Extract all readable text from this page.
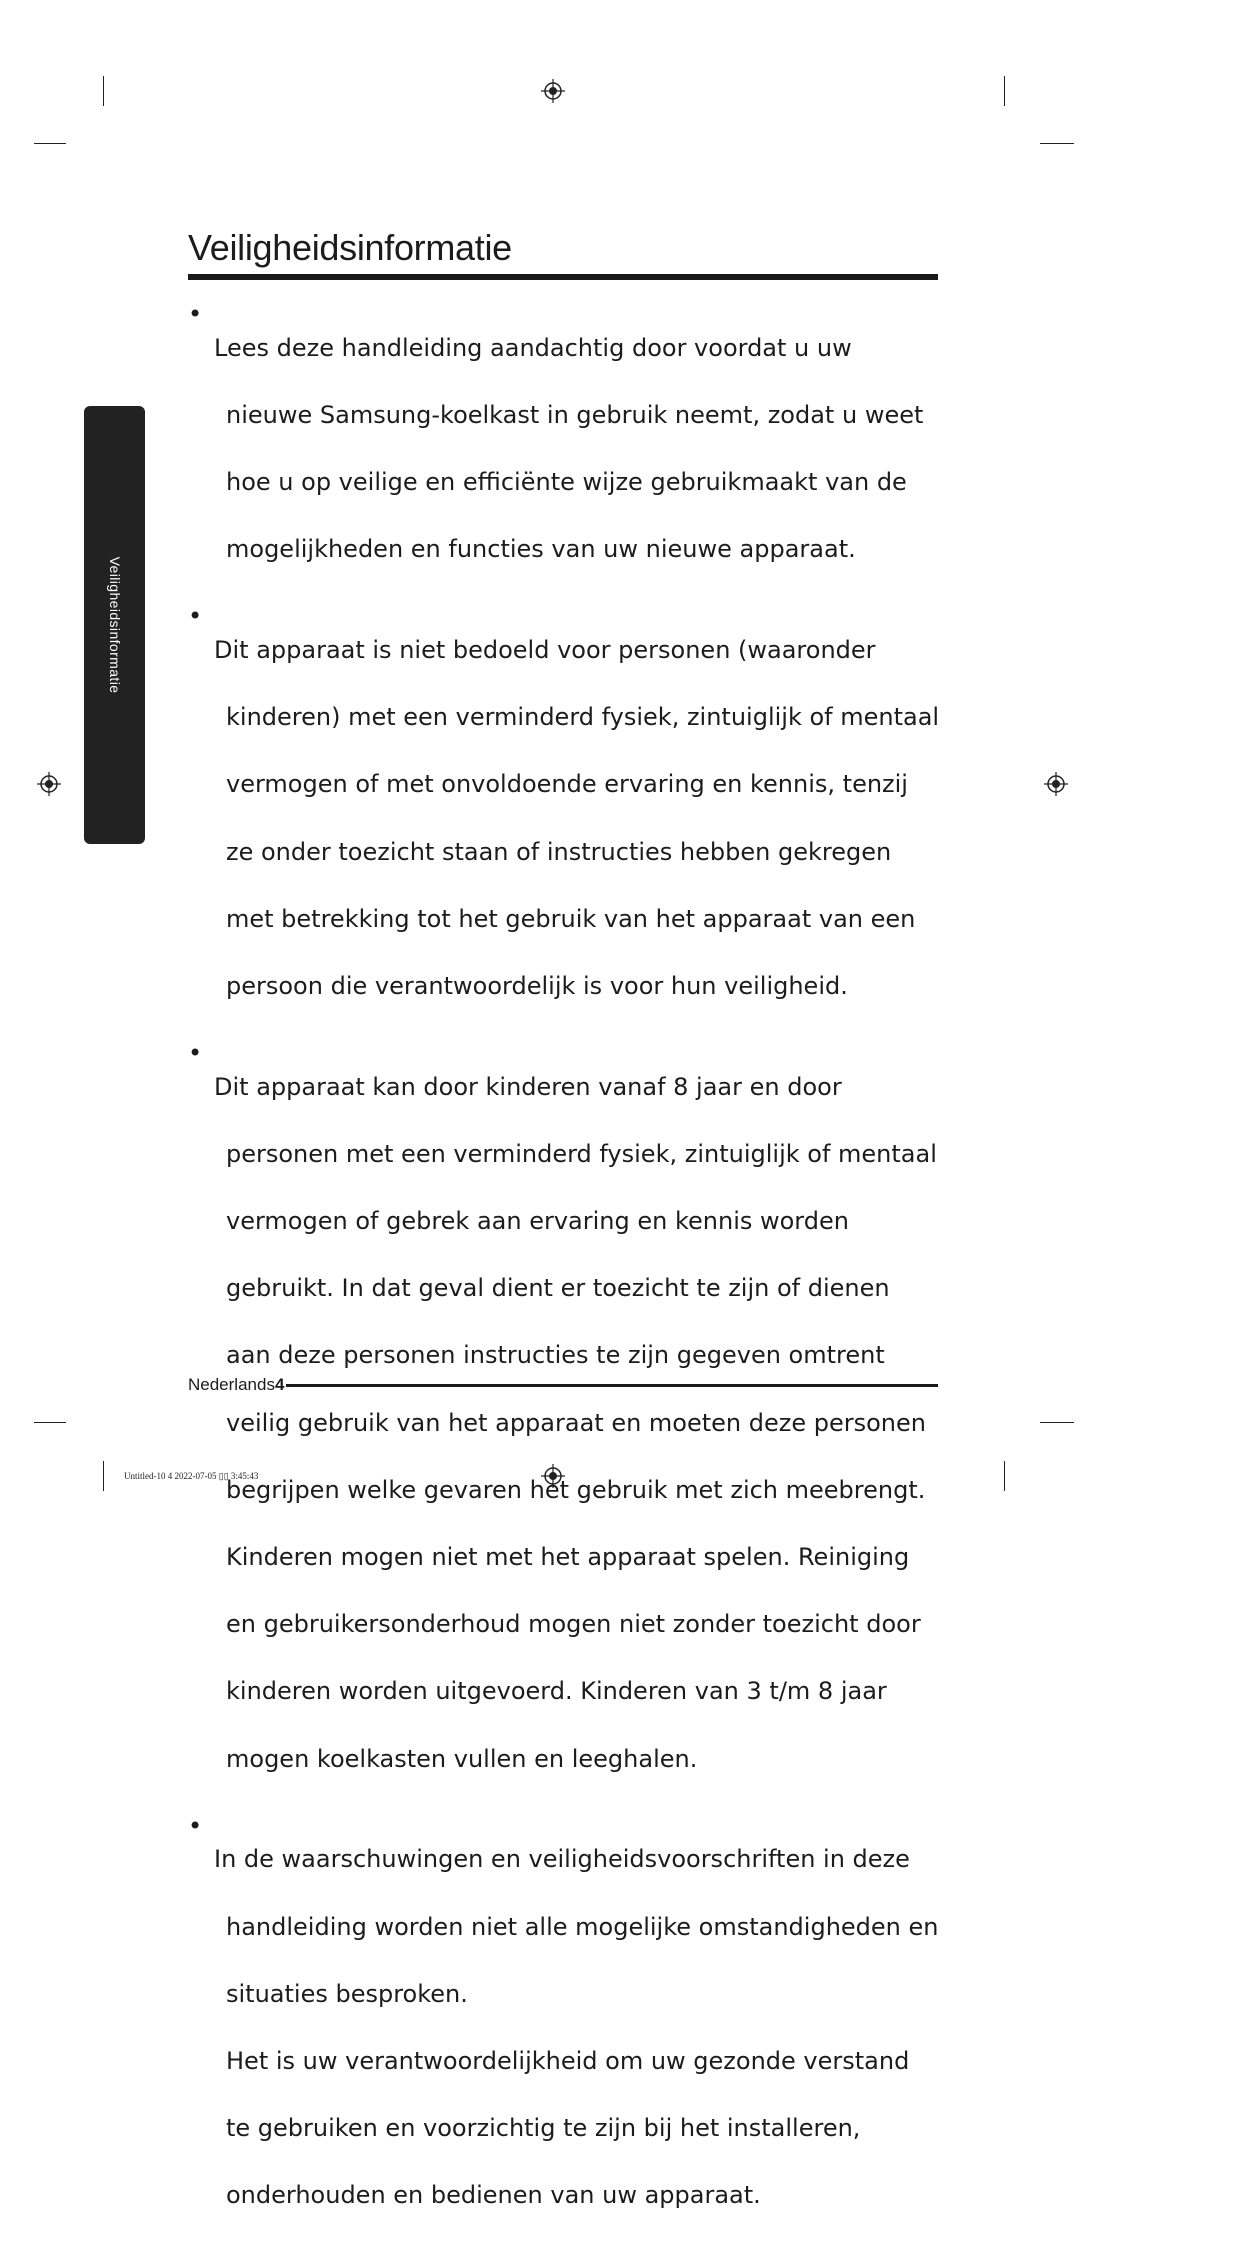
Veiligheidsinformatie
Veiligheidsinformatie
•

Lees deze handleiding aandachtig door voordat u uw

nieuwe Samsung-koelkast in gebruik neemt, zodat u weet

hoe u op veilige en efficiënte wijze gebruikmaakt van de

mogelijkheden en functies van uw nieuwe apparaat.

•

Dit apparaat is niet bedoeld voor personen (waaronder

kinderen) met een verminderd fysiek, zintuiglijk of mentaal

vermogen of met onvoldoende ervaring en kennis, tenzij

ze onder toezicht staan of instructies hebben gekregen

met betrekking tot het gebruik van het apparaat van een

persoon die verantwoordelijk is voor hun veiligheid.

•

Dit apparaat kan door kinderen vanaf 8 jaar en door

personen met een verminderd fysiek, zintuiglijk of mentaal

vermogen of gebrek aan ervaring en kennis worden

gebruikt. In dat geval dient er toezicht te zijn of dienen

aan deze personen instructies te zijn gegeven omtrent

veilig gebruik van het apparaat en moeten deze personen

begrijpen welke gevaren het gebruik met zich meebrengt.

Kinderen mogen niet met het apparaat spelen. Reiniging

en gebruikersonderhoud mogen niet zonder toezicht door

kinderen worden uitgevoerd. Kinderen van 3 t/m 8 jaar

mogen koelkasten vullen en leeghalen.

•

In de waarschuwingen en veiligheidsvoorschriften in deze

handleiding worden niet alle mogelijke omstandigheden en

situaties besproken.

Het is uw verantwoordelijkheid om uw gezonde verstand

te gebruiken en voorzichtig te zijn bij het installeren,

onderhouden en bedienen van uw apparaat.

Nederlands 4
Untitled-10 4 2022-07-05 ▯▯ 3:45:43
